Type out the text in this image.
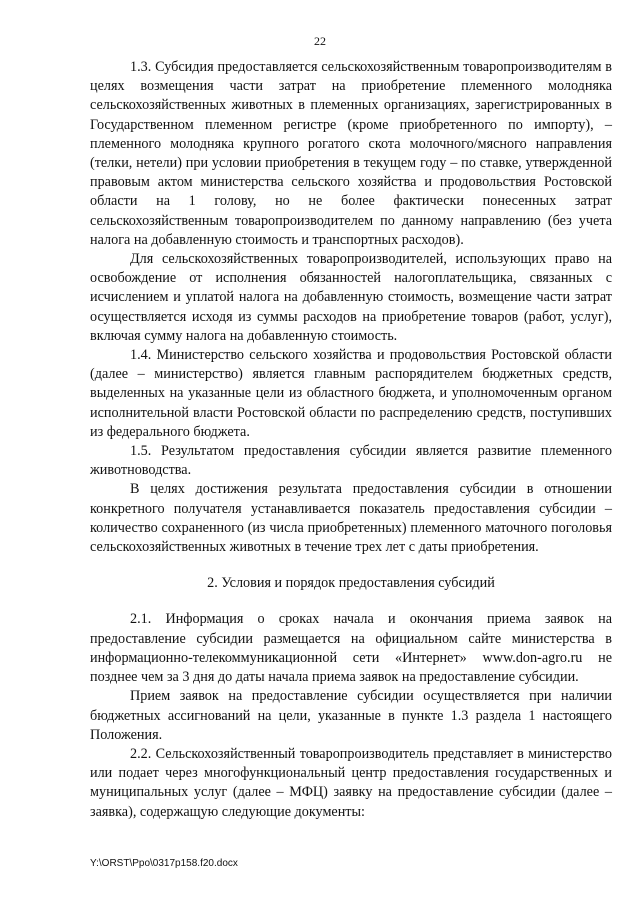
22

1.3. Субсидия предоставляется сельскохозяйственным товаропроизводителям в целях возмещения части затрат на приобретение племенного молодняка сельскохозяйственных животных в племенных организациях, зарегистрированных в Государственном племенном регистре (кроме приобретенного по импорту), – племенного молодняка крупного рогатого скота молочного/мясного направления (телки, нетели) при условии приобретения в текущем году – по ставке, утвержденной правовым актом министерства сельского хозяйства и продовольствия Ростовской области на 1 голову, но не более фактически понесенных затрат сельскохозяйственным товаропроизводителем по данному направлению (без учета налога на добавленную стоимость и транспортных расходов).

Для сельскохозяйственных товаропроизводителей, использующих право на освобождение от исполнения обязанностей налогоплательщика, связанных с исчислением и уплатой налога на добавленную стоимость, возмещение части затрат осуществляется исходя из суммы расходов на приобретение товаров (работ, услуг), включая сумму налога на добавленную стоимость.

1.4. Министерство сельского хозяйства и продовольствия Ростовской области (далее – министерство) является главным распорядителем бюджетных средств, выделенных на указанные цели из областного бюджета, и уполномоченным органом исполнительной власти Ростовской области по распределению средств, поступивших из федерального бюджета.

1.5. Результатом предоставления субсидии является развитие племенного животноводства.

В целях достижения результата предоставления субсидии в отношении конкретного получателя устанавливается показатель предоставления субсидии – количество сохраненного (из числа приобретенных) племенного маточного поголовья сельскохозяйственных животных в течение трех лет с даты приобретения.

2. Условия и порядок предоставления субсидий

2.1. Информация о сроках начала и окончания приема заявок на предоставление субсидии размещается на официальном сайте министерства в информационно-телекоммуникационной сети «Интернет» www.don-agro.ru не позднее чем за 3 дня до даты начала приема заявок на предоставление субсидии.

Прием заявок на предоставление субсидии осуществляется при наличии бюджетных ассигнований на цели, указанные в пункте 1.3 раздела 1 настоящего Положения.

2.2. Сельскохозяйственный товаропроизводитель представляет в министерство или подает через многофункциональный центр предоставления государственных и муниципальных услуг (далее – МФЦ) заявку на предоставление субсидии (далее – заявка), содержащую следующие документы:

Y:\ORST\Ppo\0317p158.f20.docx
